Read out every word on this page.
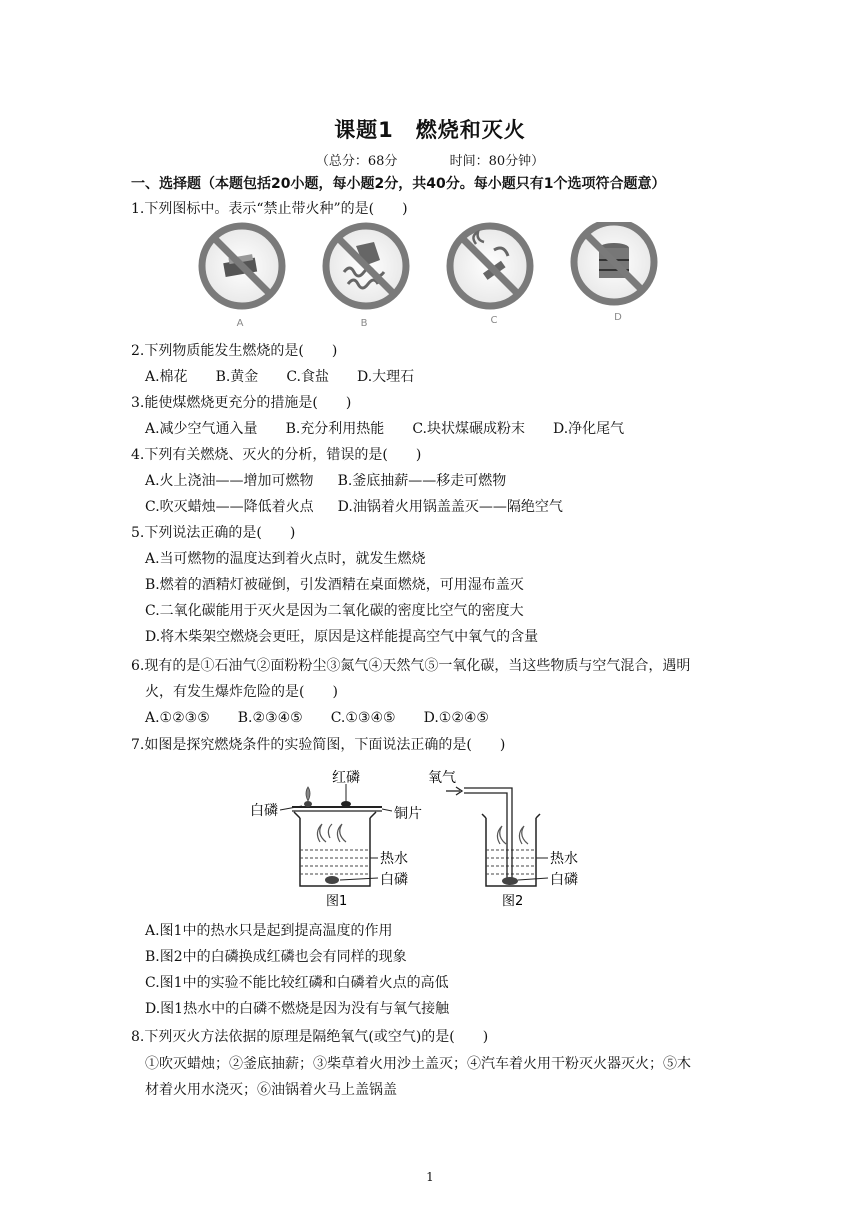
课题1　燃烧和灭火
（总分：68分	时间：80分钟）
一、选择题（本题包括20小题，每小题2分，共40分。每小题只有1个选项符合题意）
1.下列图标中。表示“禁止带火种”的是(　　)
A	B	C	D
2.下列物质能发生燃烧的是(　　)
A.棉花 B.黄金 C.食盐 D.大理石
3.能使煤燃烧更充分的措施是(　　)
A.减少空气通入量 B.充分利用热能 C.块状煤碾成粉末 D.净化尾气
4.下列有关燃烧、灭火的分析，错误的是(　　)
A.火上浇油——增加可燃物 B.釜底抽薪——移走可燃物
C.吹灭蜡烛——降低着火点 D.油锅着火用锅盖盖灭——隔绝空气
5.下列说法正确的是(　　)
A.当可燃物的温度达到着火点时，就发生燃烧
B.燃着的酒精灯被碰倒，引发酒精在桌面燃烧，可用湿布盖灭
C.二氧化碳能用于灭火是因为二氧化碳的密度比空气的密度大
D.将木柴架空燃烧会更旺，原因是这样能提高空气中氧气的含量
6.现有的是①石油气②面粉粉尘③氮气④天然气⑤一氧化碳，当这些物质与空气混合，遇明
火，有发生爆炸危险的是(　　)
A.①②③⑤ B.②③④⑤ C.①③④⑤ D.①②④⑤
7.如图是探究燃烧条件的实验简图，下面说法正确的是(　　)
红磷
白磷	铜片
热水
白磷
图1
氧气
热水
白磷
图2
A.图1中的热水只是起到提高温度的作用
B.图2中的白磷换成红磷也会有同样的现象
C.图1中的实验不能比较红磷和白磷着火点的高低
D.图1热水中的白磷不燃烧是因为没有与氧气接触
8.下列灭火方法依据的原理是隔绝氧气(或空气)的是(　　)
①吹灭蜡烛；②釜底抽薪；③柴草着火用沙土盖灭；④汽车着火用干粉灭火器灭火；⑤木
材着火用水浇灭；⑥油锅着火马上盖锅盖
1
